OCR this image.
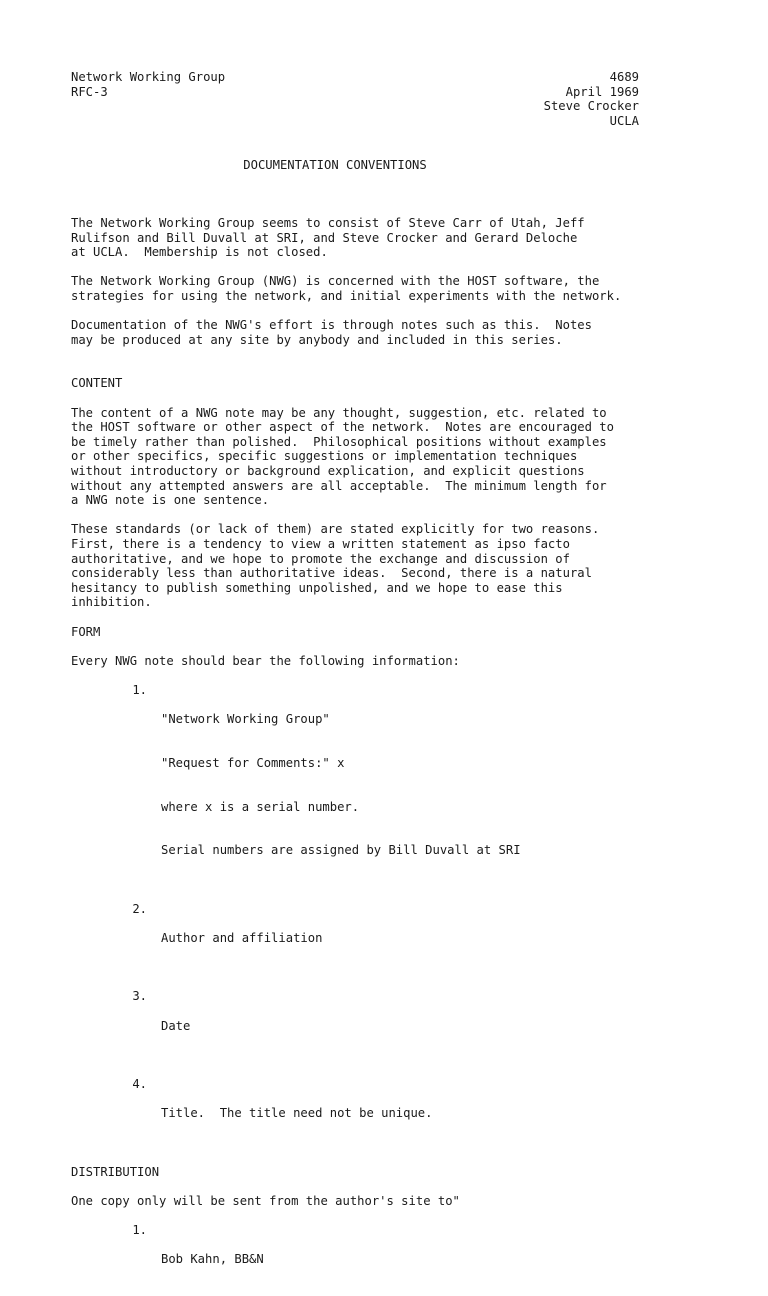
Network Working Group	4689
RFC-3	April 1969
Steve Crocker
UCLA
DOCUMENTATION CONVENTIONS
The Network Working Group seems to consist of Steve Carr of Utah, Jeff
Rulifson and Bill Duvall at SRI, and Steve Crocker and Gerard Deloche
at UCLA.  Membership is not closed.
The Network Working Group (NWG) is concerned with the HOST software, the
strategies for using the network, and initial experiments with the network.
Documentation of the NWG's effort is through notes such as this.  Notes
may be produced at any site by anybody and included in this series.
CONTENT
The content of a NWG note may be any thought, suggestion, etc. related to
the HOST software or other aspect of the network.  Notes are encouraged to
be timely rather than polished.  Philosophical positions without examples
or other specifics, specific suggestions or implementation techniques
without introductory or background explication, and explicit questions
without any attempted answers are all acceptable.  The minimum length for
a NWG note is one sentence.
These standards (or lack of them) are stated explicitly for two reasons.
First, there is a tendency to view a written statement as ipso facto
authoritative, and we hope to promote the exchange and discussion of
considerably less than authoritative ideas.  Second, there is a natural
hesitancy to publish something unpolished, and we hope to ease this
inhibition.
FORM
Every NWG note should bear the following information:
1.

"Network Working Group"

"Request for Comments:" x

where x is a serial number.

Serial numbers are assigned by Bill Duvall at SRI

2.

Author and affiliation

3.

Date

4.

Title.  The title need not be unique.

DISTRIBUTION
One copy only will be sent from the author's site to"
1.

Bob Kahn, BB&N
